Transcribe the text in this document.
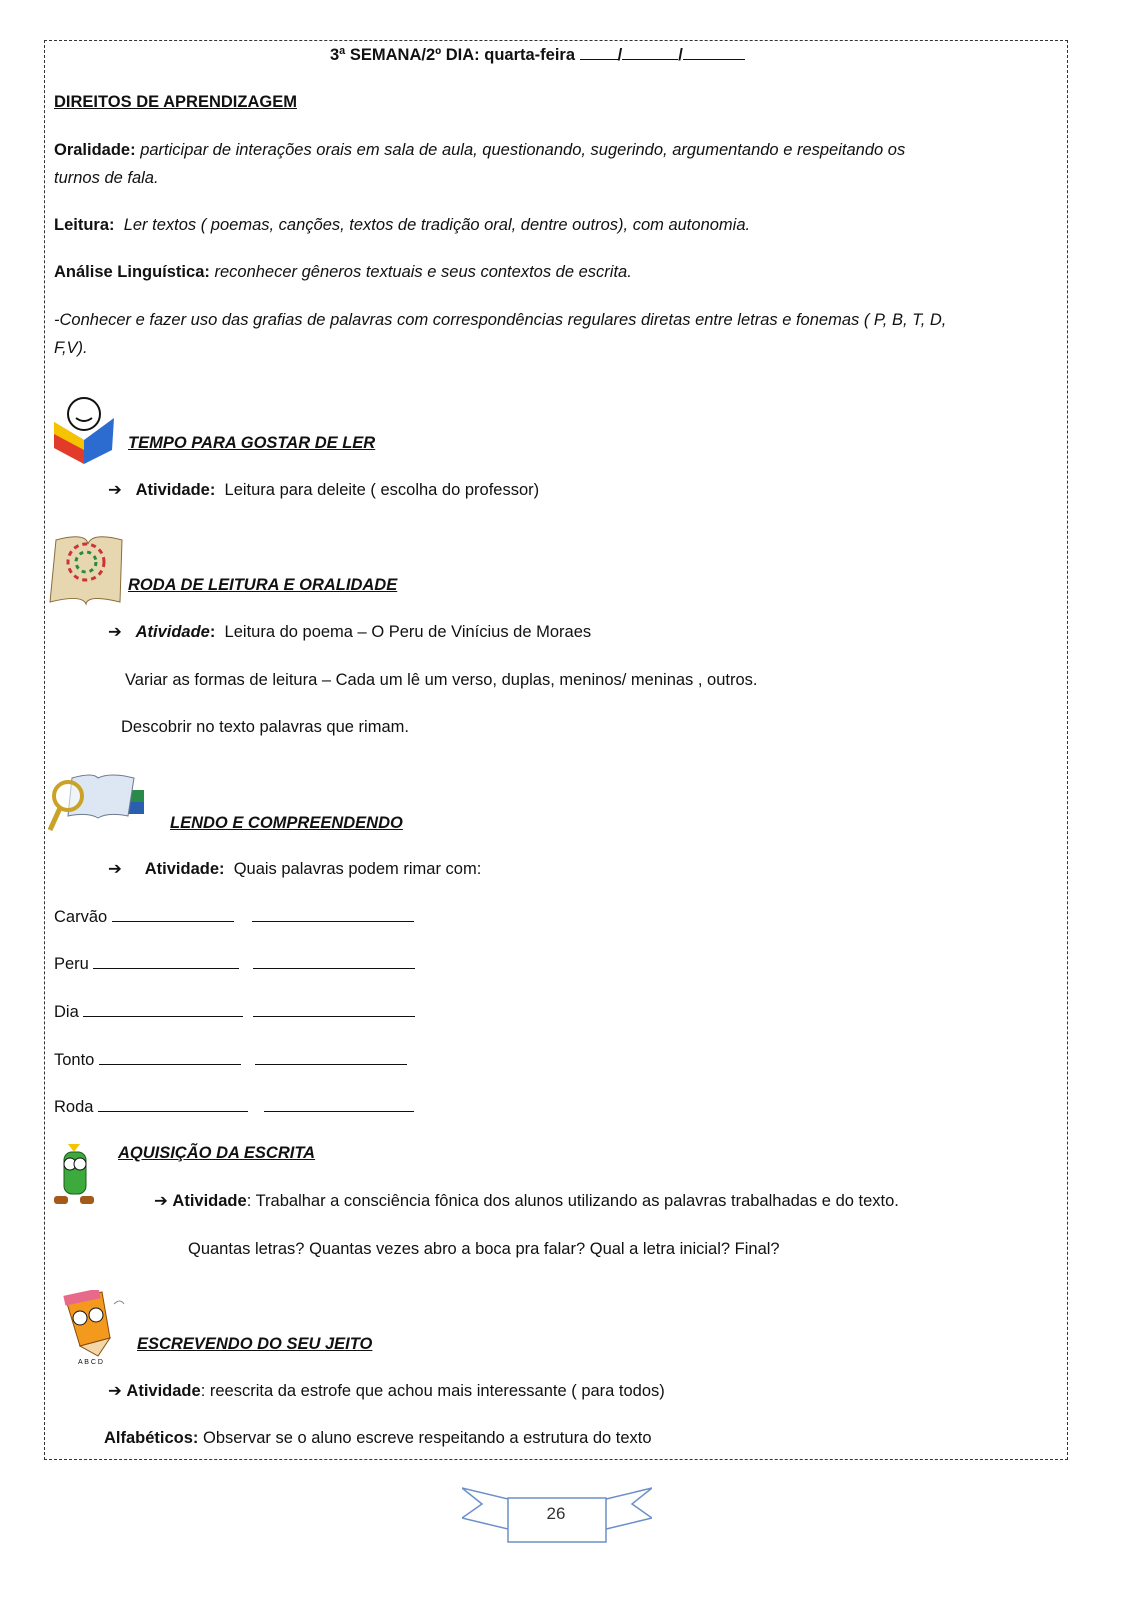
3ª SEMANA/2º DIA: quarta-feira	/	/
DIREITOS DE APRENDIZAGEM
Oralidade: participar de interações orais em sala de aula, questionando, sugerindo, argumentando e respeitando os
turnos de fala.
Leitura: Ler textos ( poemas, canções, textos de tradição oral, dentre outros), com autonomia.
Análise Linguística: reconhecer gêneros textuais e seus contextos de escrita.
-Conhecer e fazer uso das grafias de palavras com correspondências regulares diretas entre letras e fonemas ( P, B, T, D,
F,V).
TEMPO PARA GOSTAR DE LER
➔ Atividade: Leitura para deleite ( escolha do professor)
RODA DE LEITURA E ORALIDADE
➔ Atividade: Leitura do poema – O Peru de Vinícius de Moraes
Variar as formas de leitura – Cada um lê um verso, duplas, meninos/ meninas , outros.
Descobrir no texto palavras que rimam.
LENDO E COMPREENDENDO
➔ Atividade: Quais palavras podem rimar com:
Carvão
Peru
Dia
Tonto
Roda
AQUISIÇÃO DA ESCRITA
➔ Atividade: Trabalhar a consciência fônica dos alunos utilizando as palavras trabalhadas e do texto.
Quantas letras? Quantas vezes abro a boca pra falar? Qual a letra inicial? Final?
A B C D
ESCREVENDO DO SEU JEITO
➔ Atividade: reescrita da estrofe que achou mais interessante ( para todos)
Alfabéticos: Observar se o aluno escreve respeitando a estrutura do texto
26
